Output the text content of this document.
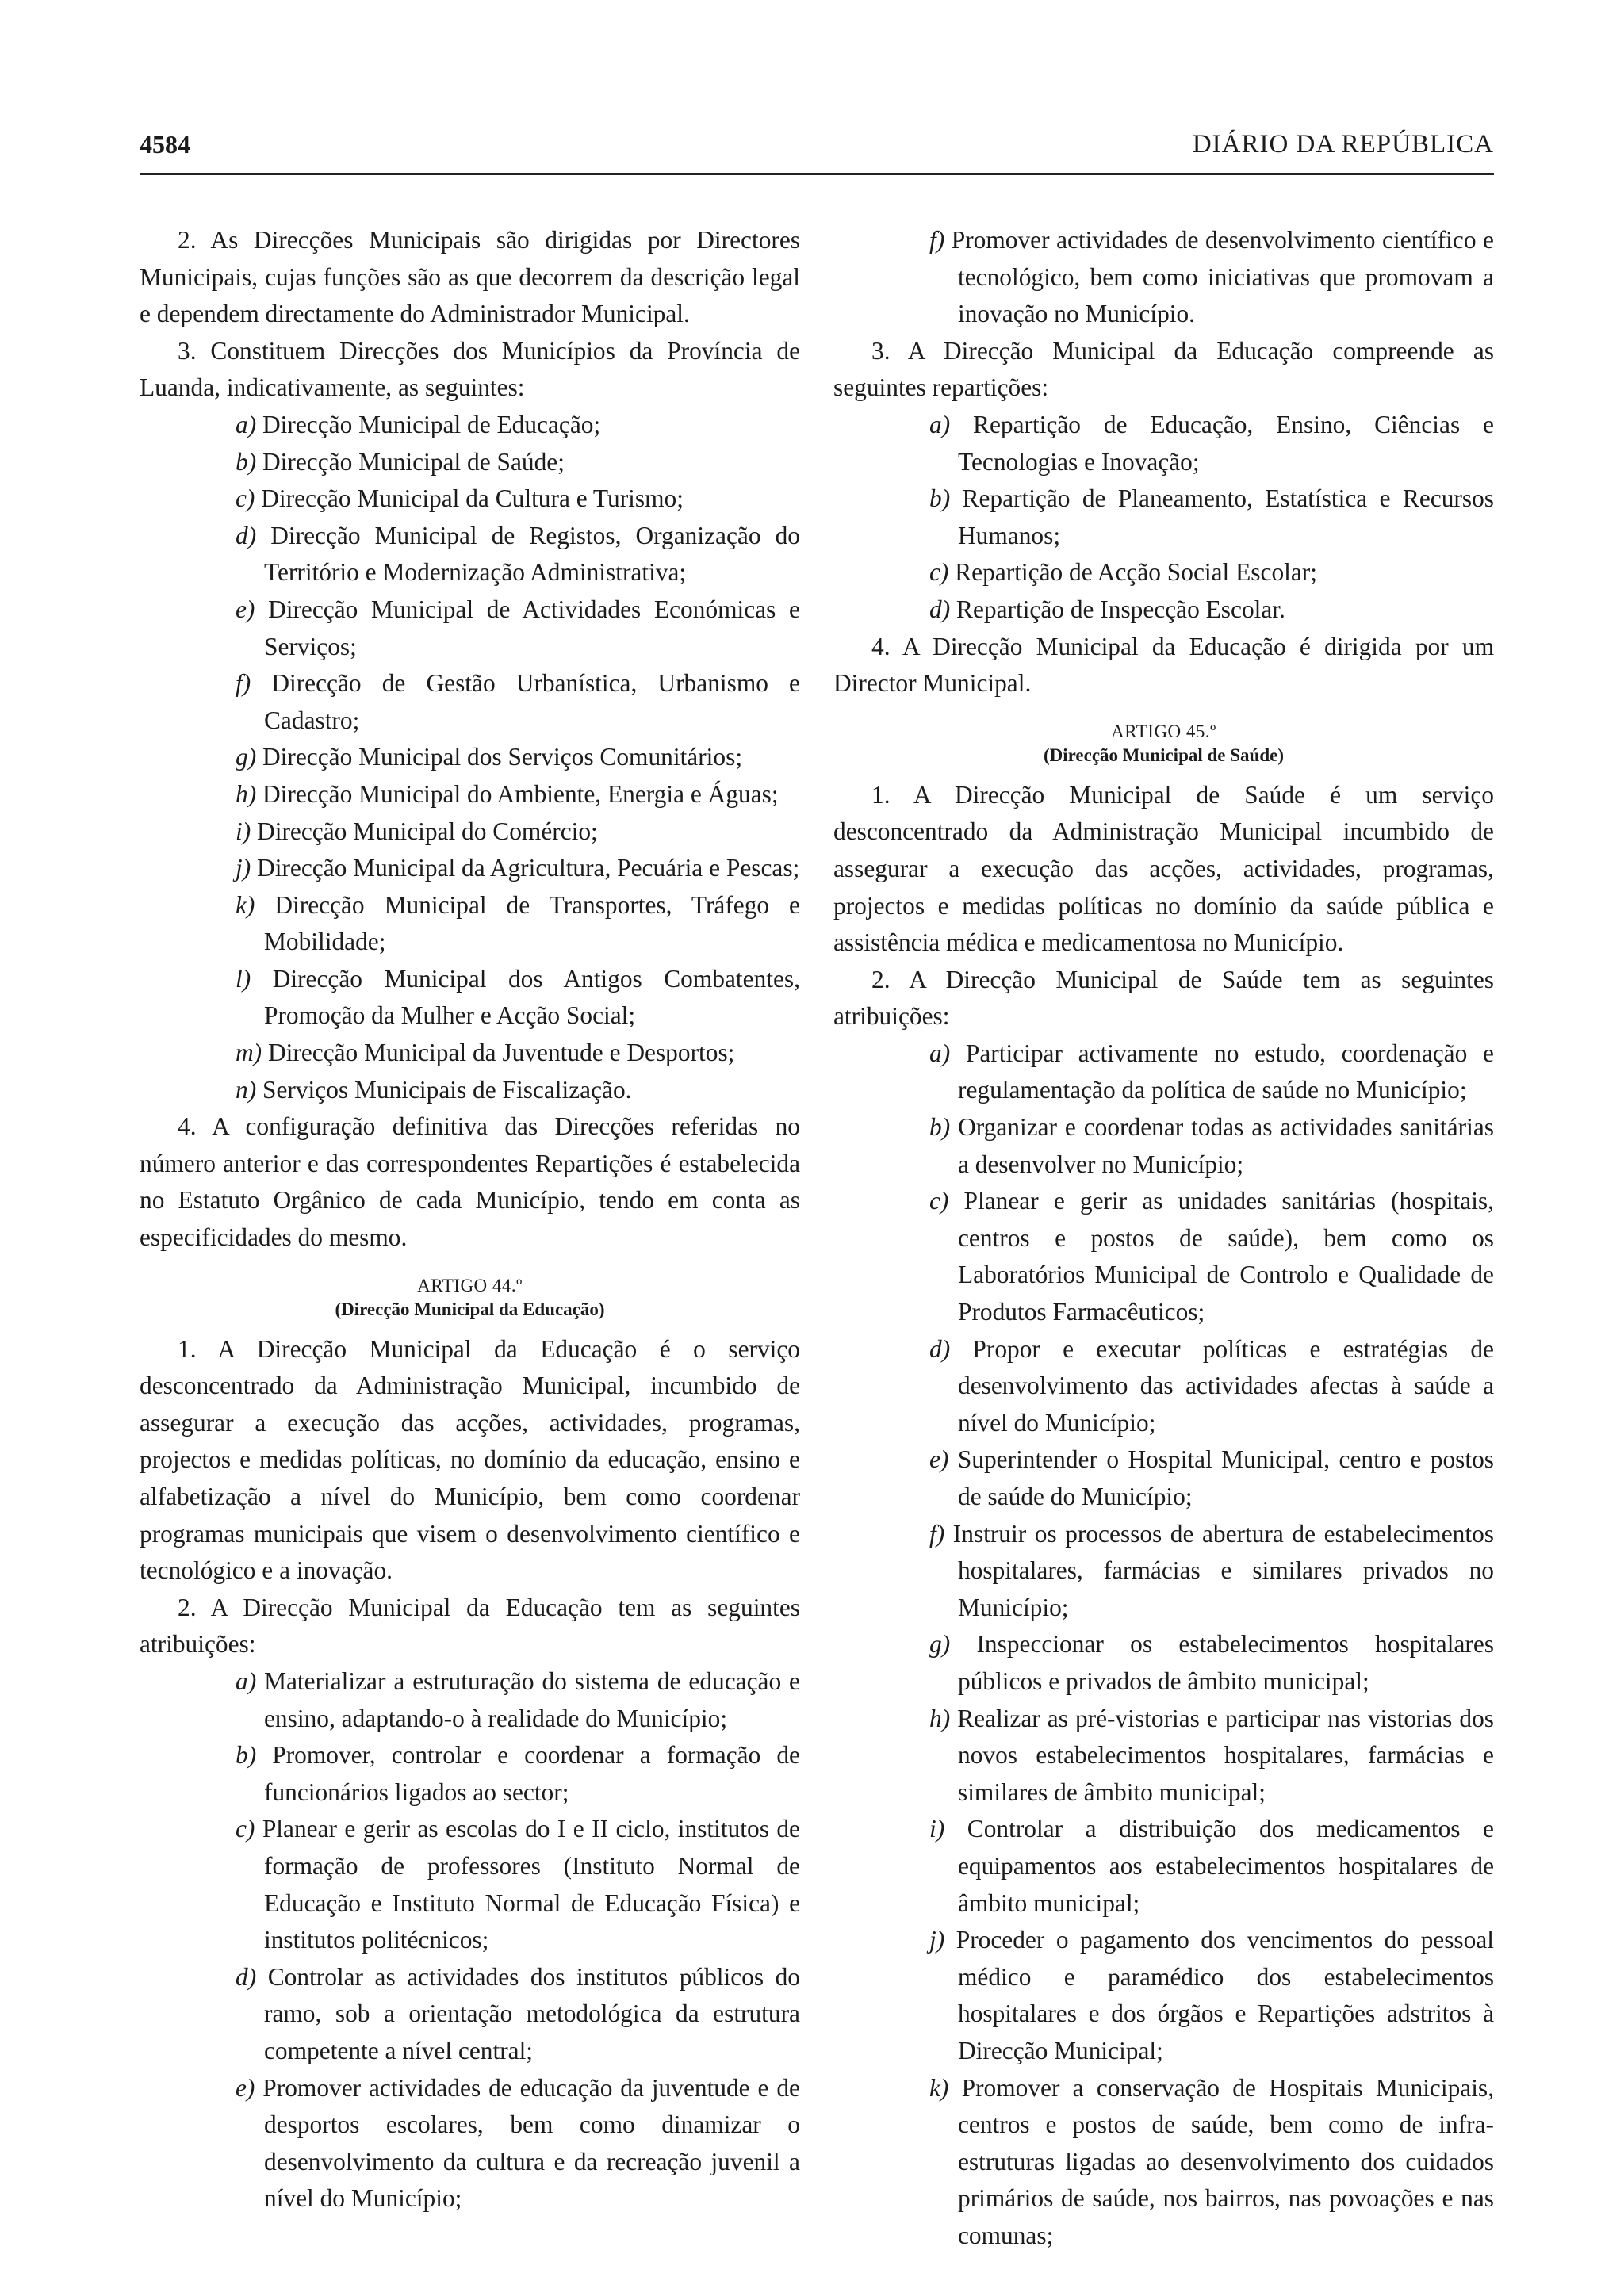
4584	DIÁRIO DA REPÚBLICA

2. As Direcções Municipais são dirigidas por Directores Municipais, cujas funções são as que decorrem da descrição legal e dependem directamente do Administrador Municipal.

3. Constituem Direcções dos Municípios da Província de Luanda, indicativamente, as seguintes:

a) Direcção Municipal de Educação;

b) Direcção Municipal de Saúde;

c) Direcção Municipal da Cultura e Turismo;

d) Direcção Municipal de Registos, Organização do Território e Modernização Administrativa;

e) Direcção Municipal de Actividades Económicas e Serviços;

f) Direcção de Gestão Urbanística, Urbanismo e Cadastro;

g) Direcção Municipal dos Serviços Comunitários;

h) Direcção Municipal do Ambiente, Energia e Águas;

i) Direcção Municipal do Comércio;

j) Direcção Municipal da Agricultura, Pecuária e Pescas;

k) Direcção Municipal de Transportes, Tráfego e Mobilidade;

l) Direcção Municipal dos Antigos Combatentes, Promoção da Mulher e Acção Social;

m) Direcção Municipal da Juventude e Desportos;

n) Serviços Municipais de Fiscalização.

4. A configuração definitiva das Direcções referidas no número anterior e das correspondentes Repartições é estabelecida no Estatuto Orgânico de cada Município, tendo em conta as especificidades do mesmo.

ARTIGO 44.º
(Direcção Municipal da Educação)

1. A Direcção Municipal da Educação é o serviço desconcentrado da Administração Municipal, incumbido de assegurar a execução das acções, actividades, programas, projectos e medidas políticas, no domínio da educação, ensino e alfabetização a nível do Município, bem como coordenar programas municipais que visem o desenvolvimento científico e tecnológico e a inovação.

2. A Direcção Municipal da Educação tem as seguintes atribuições:

a) Materializar a estruturação do sistema de educação e ensino, adaptando-o à realidade do Município;

b) Promover, controlar e coordenar a formação de funcionários ligados ao sector;

c) Planear e gerir as escolas do I e II ciclo, institutos de formação de professores (Instituto Normal de Educação e Instituto Normal de Educação Física) e institutos politécnicos;

d) Controlar as actividades dos institutos públicos do ramo, sob a orientação metodológica da estrutura competente a nível central;

e) Promover actividades de educação da juventude e de desportos escolares, bem como dinamizar o desenvolvimento da cultura e da recreação juvenil a nível do Município;

f) Promover actividades de desenvolvimento científico e tecnológico, bem como iniciativas que promovam a inovação no Município.

3. A Direcção Municipal da Educação compreende as seguintes repartições:

a) Repartição de Educação, Ensino, Ciências e Tecnologias e Inovação;

b) Repartição de Planeamento, Estatística e Recursos Humanos;

c) Repartição de Acção Social Escolar;

d) Repartição de Inspecção Escolar.

4. A Direcção Municipal da Educação é dirigida por um Director Municipal.

ARTIGO 45.º
(Direcção Municipal de Saúde)

1. A Direcção Municipal de Saúde é um serviço desconcentrado da Administração Municipal incumbido de assegurar a execução das acções, actividades, programas, projectos e medidas políticas no domínio da saúde pública e assistência médica e medicamentosa no Município.

2. A Direcção Municipal de Saúde tem as seguintes atribuições:

a) Participar activamente no estudo, coordenação e regulamentação da política de saúde no Município;

b) Organizar e coordenar todas as actividades sanitárias a desenvolver no Município;

c) Planear e gerir as unidades sanitárias (hospitais, centros e postos de saúde), bem como os Laboratórios Municipal de Controlo e Qualidade de Produtos Farmacêuticos;

d) Propor e executar políticas e estratégias de desenvolvimento das actividades afectas à saúde a nível do Município;

e) Superintender o Hospital Municipal, centro e postos de saúde do Município;

f) Instruir os processos de abertura de estabelecimentos hospitalares, farmácias e similares privados no Município;

g) Inspeccionar os estabelecimentos hospitalares públicos e privados de âmbito municipal;

h) Realizar as pré-vistorias e participar nas vistorias dos novos estabelecimentos hospitalares, farmácias e similares de âmbito municipal;

i) Controlar a distribuição dos medicamentos e equipamentos aos estabelecimentos hospitalares de âmbito municipal;

j) Proceder o pagamento dos vencimentos do pessoal médico e paramédico dos estabelecimentos hospitalares e dos órgãos e Repartições adstritos à Direcção Municipal;

k) Promover a conservação de Hospitais Municipais, centros e postos de saúde, bem como de infra-estruturas ligadas ao desenvolvimento dos cuidados primários de saúde, nos bairros, nas povoações e nas comunas;
